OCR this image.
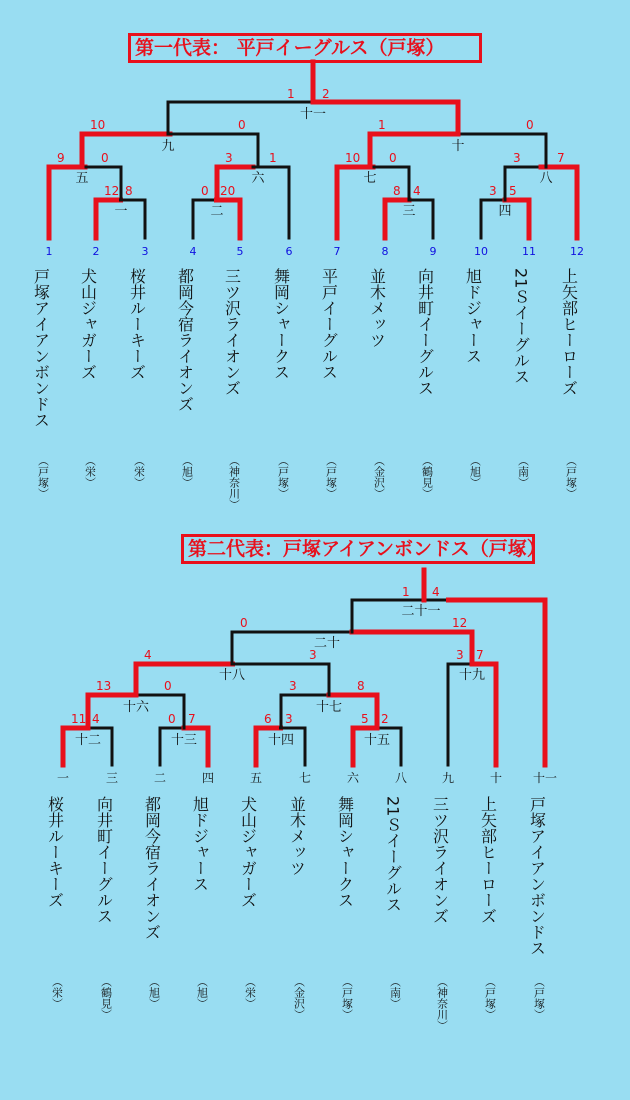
第一代表： 平戸イーグルス（戸塚）
第二代表：戸塚アイアンボンドス（戸塚）
1
戸塚アイアンボンドス
（戸塚）
2
犬山ジャガーズ
（栄）
3
桜井ルーキーズ
（栄）
4
都岡今宿ライオンズ
（旭）
5
三ツ沢ライオンズ
（神奈川）
6
舞岡シャークス
（戸塚）
7
平戸イーグルス
（戸塚）
8
並木メッツ
（金沢）
9
向井町イーグルス
（鶴見）
10
旭ドジャース
（旭）
11
21Ｓイーグルス
（南）
12
上矢部ヒーローズ
（戸塚）
12 8
一
0 20
二
8 4
三
3 5
四
9	0
五
3	1
六
10 0
七
3	7
八
10	0
九
1	0
十
十一
1 2
一
桜井ルーキーズ
（栄）
三
向井町イーグルス
（鶴見）
二
都岡今宿ライオンズ
（旭）
四
旭ドジャース
（旭）
五
犬山ジャガーズ
（栄）
七
並木メッツ
（金沢）
六
舞岡シャークス
（戸塚）
八
21Ｓイーグルス
（南）
九
三ツ沢ライオンズ
（神奈川）
十
上矢部ヒーローズ
（戸塚）
十一
戸塚アイアンボンドス
（戸塚）
11 4
十二
0 7
十三
6 3
十四
5 2
十五
13	0
十六
3	8
十七
4	3
十八
3 7
十九
0	12
二十
二十一
1 4
